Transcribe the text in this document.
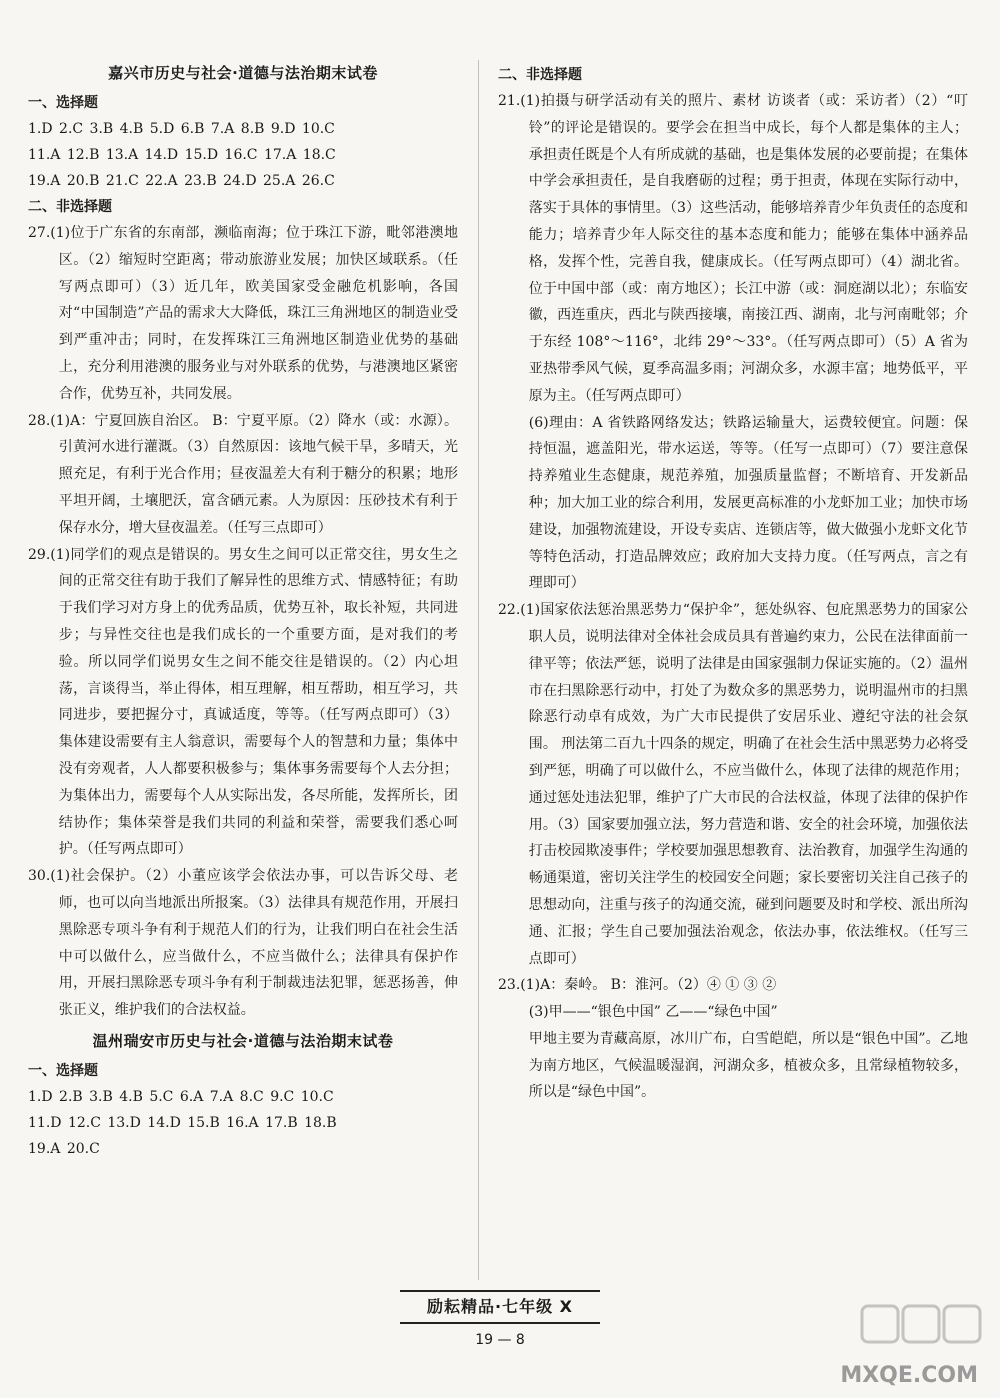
嘉兴市历史与社会·道德与法治期末试卷

一、选择题

1.D 2.C 3.B 4.B 5.D 6.B 7.A 8.B 9.D 10.C

11.A 12.B 13.A 14.D 15.D 16.C 17.A 18.C

19.A 20.B 21.C 22.A 23.B 24.D 25.A 26.C

二、非选择题

27.(1)位于广东省的东南部，濒临南海；位于珠江下游，毗邻港澳地区。（2）缩短时空距离；带动旅游业发展；加快区域联系。（任写两点即可）（3）近几年，欧美国家受金融危机影响，各国对“中国制造”产品的需求大大降低，珠江三角洲地区的制造业受到严重冲击；同时，在发挥珠江三角洲地区制造业优势的基础上，充分利用港澳的服务业与对外联系的优势，与港澳地区紧密合作，优势互补，共同发展。

28.(1)A：宁夏回族自治区。 B：宁夏平原。（2）降水（或：水源）。 引黄河水进行灌溉。（3）自然原因：该地气候干旱，多晴天，光照充足，有利于光合作用；昼夜温差大有利于糖分的积累；地形平坦开阔，土壤肥沃，富含硒元素。人为原因：压砂技术有利于保存水分，增大昼夜温差。（任写三点即可）

29.(1)同学们的观点是错误的。男女生之间可以正常交往，男女生之间的正常交往有助于我们了解异性的思维方式、情感特征；有助于我们学习对方身上的优秀品质，优势互补，取长补短，共同进步；与异性交往也是我们成长的一个重要方面，是对我们的考验。所以同学们说男女生之间不能交往是错误的。（2）内心坦荡，言谈得当，举止得体，相互理解，相互帮助，相互学习，共同进步，要把握分寸，真诚适度，等等。（任写两点即可）（3）集体建设需要有主人翁意识，需要每个人的智慧和力量；集体中没有旁观者，人人都要积极参与；集体事务需要每个人去分担；为集体出力，需要每个人从实际出发，各尽所能，发挥所长，团结协作；集体荣誉是我们共同的利益和荣誉，需要我们悉心呵护。（任写两点即可）

30.(1)社会保护。（2）小董应该学会依法办事，可以告诉父母、老师，也可以向当地派出所报案。（3）法律具有规范作用，开展扫黑除恶专项斗争有利于规范人们的行为，让我们明白在社会生活中可以做什么，应当做什么，不应当做什么；法律具有保护作用，开展扫黑除恶专项斗争有利于制裁违法犯罪，惩恶扬善，伸张正义，维护我们的合法权益。

温州瑞安市历史与社会·道德与法治期末试卷

一、选择题

1.D 2.B 3.B 4.B 5.C 6.A 7.A 8.C 9.C 10.C

11.D 12.C 13.D 14.D 15.B 16.A 17.B 18.B

19.A 20.C

二、非选择题

21.(1)拍摄与研学活动有关的照片、素材 访谈者（或：采访者）（2）“叮铃”的评论是错误的。要学会在担当中成长，每个人都是集体的主人；承担责任既是个人有所成就的基础，也是集体发展的必要前提；在集体中学会承担责任，是自我磨砺的过程；勇于担责，体现在实际行动中，落实于具体的事情里。（3）这些活动，能够培养青少年负责任的态度和能力；培养青少年人际交往的基本态度和能力；能够在集体中涵养品格，发挥个性，完善自我，健康成长。（任写两点即可）（4）湖北省。 位于中国中部（或：南方地区）；长江中游（或：洞庭湖以北）；东临安徽，西连重庆，西北与陕西接壤，南接江西、湖南，北与河南毗邻；介于东经 108°～116°，北纬 29°～33°。（任写两点即可）（5）A 省为亚热带季风气候，夏季高温多雨；河湖众多，水源丰富；地势低平，平原为主。（任写两点即可）

(6)理由：A 省铁路网络发达；铁路运输量大，运费较便宜。问题：保持恒温，遮盖阳光，带水运送，等等。（任写一点即可）（7）要注意保持养殖业生态健康，规范养殖，加强质量监督；不断培育、开发新品种；加大加工业的综合利用，发展更高标准的小龙虾加工业；加快市场建设，加强物流建设，开设专卖店、连锁店等，做大做强小龙虾文化节等特色活动，打造品牌效应；政府加大支持力度。（任写两点，言之有理即可）

22.(1)国家依法惩治黑恶势力“保护伞”，惩处纵容、包庇黑恶势力的国家公职人员，说明法律对全体社会成员具有普遍约束力，公民在法律面前一律平等；依法严惩，说明了法律是由国家强制力保证实施的。（2）温州市在扫黑除恶行动中，打处了为数众多的黑恶势力，说明温州市的扫黑除恶行动卓有成效，为广大市民提供了安居乐业、遵纪守法的社会氛围。 刑法第二百九十四条的规定，明确了在社会生活中黑恶势力必将受到严惩，明确了可以做什么，不应当做什么，体现了法律的规范作用；通过惩处违法犯罪，维护了广大市民的合法权益，体现了法律的保护作用。（3）国家要加强立法，努力营造和谐、安全的社会环境，加强依法打击校园欺凌事件；学校要加强思想教育、法治教育，加强学生沟通的畅通渠道，密切关注学生的校园安全问题；家长要密切关注自己孩子的思想动向，注重与孩子的沟通交流，碰到问题要及时和学校、派出所沟通、汇报；学生自己要加强法治观念，依法办事，依法维权。（任写三点即可）

23.(1)A：秦岭。 B：淮河。（2）④ ① ③ ②

(3)甲——“银色中国” 乙——“绿色中国”

甲地主要为青藏高原，冰川广布，白雪皑皑，所以是“银色中国”。乙地为南方地区，气候温暖湿润，河湖众多，植被众多，且常绿植物较多，所以是“绿色中国”。

励耘精品·七年级 X
19 — 8
MXQE.COM
